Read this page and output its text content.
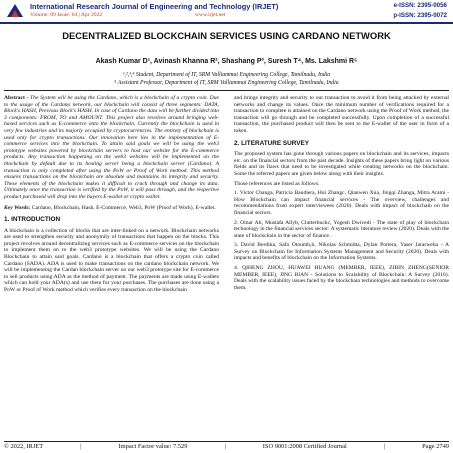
International Research Journal of Engineering and Technology (IRJET)
Volume: 09 Issue: 04 | Apr 2022	www.irjet.net
e-ISSN: 2395-0056
p-ISSN: 2395-0072
DECENTRALIZED BLOCKCHAIN SERVICES USING CARDANO NETWORK
Akash Kumar D¹, Avinash Khanna R², Shashang P³, Suresh T⁴, Ms. Lakshmi R⁵
¹,²,³,⁴ Student, Department of IT, SRM Valliammai Engineering College, Tamilnadu, India
⁵ Assistant Professor, Department of IT, SRM Valliammai Engineering College, Tamilnadu, India
Abstract - The System will be using the Cardano, which is a blockchain of a crypto coin. Due to the usage of the Cardano network, our blockchain will consist of three segments: DATA, Block's HASH, Previous Block's HASH. In case of Cardano the data will be further divided into 3 components: FROM, TO and AMOUNT. This project also revolves around bringing web-based services such as E-commerce onto the blockchain. Currently the blockchain is used in very few industries and its majorly occupied by cryptocurrencies. The entirety of blockchain is used only for crypto transactions. Our innovation here lies in the implementation of E-commerce services into the blockchain. To attain said goals we will be using the web3 prototype websites powered by blockchain servers to host our website for the E-commerce products. Any transaction happening on the web3 websites will be implemented on the blockchain by default due to its hosting server being a blockchain server (Cardano). A transaction is only completed after using the PoW or Proof of Work method. This method ensures transactions on the blockchain are absolute and maintains its integrity and security. These elements of the blockchain makes it difficult to crack through and change its data. Ultimately once the transaction is verified by the PoW, it will pass through, and the respective product purchased will drop into the buyers E-wallet or crypto wallet.
Key Words: Cardano, Blockchain, Hash, E-Commerce, Web3, PoW (Proof of Work), E-wallet.
1. INTRODUCTION
A blockchain is a collection of blocks that are inter-linked on a network. Blockchain networks are used to strengthen security and anonymity of transactions that happen on the blocks. This project revolves around decentralizing services such as E-commerce services on the blockchain to implement them on to the web3 prototype websites. We will be using the Cardano Blockchain to attain said goals. Cardano is a blockchain that offers a crypto coin called Cardano (SADA). ADA is used to make transactions on the cardano blockchain network. We will be implementing the Cardan blockchain server on our web3 prototype site for E-commerce to sell products using ADA as the method of payment. The payments are made using E-wallets which can hold your ADA(s) and use them for your purchases. The purchases are done using a PoW or Proof of Work method which verifies every transaction on the blockchain
and brings integrity and security to our transaction to avoid it from being attacked by external networks and change its values. Once the minimum number of verifications required for a transaction to complete is attained on the Cardano network using the Proof of Work method, the transaction will go through and be completed successfully. Upon completion of a successful transaction, the purchased product will then be sent to the E-wallet of the user in form of a token.
2. LITERATURE SURVEY
The proposed system has gone through various papers on blockchain and its services, impacts etc. on the financial sectors from the past decade. Insights of these papers bring light on various fields and its flaws that need to be investigated while creating networks on the blockchain. Some the referred papers are given below along with their insights.
Those references are listed as follows.
1. Victor Changa, Patricia Baudiera, Hui Zhangc, Qianwen Xua, Jingqi Zhanga, Mitra Arami - How Blockchain can impact financial services - The overview, challenges and recommendations from expert interviewees (2020). Deals with impact of blockchain on the financial sectors.
2. Omar Ali, Mustafa Allyb, Clutterbuckc, Yogesh Dwivedi - The state of play of blockchain technology in the financial services sector: A systematic literature review (2020). Deals with the state of blockchain in the sector of finance.
3. David Berdika, Safa Otoumb,b, Nikolas Schmidta, Dylan Portera, Yaser Jararweha - A Survey on Blockchain for Information Systems Management and Security (2020). Deals with impacts and benefits of blockchain on the Information Systems.
4. QIHENG ZHOU, HUAWEI HUANG (MEMBER, IEEE), ZIBIN ZHENG(SENIOR MEMBER, IEEE), JING BIAN - Solutions to Scalability of Blockchain: A Survey (2016). Deals with the scalability issues faced by the blockchain technologies and methods to overcome them.
© 2022, IRJET	|	Impact Factor value: 7.529	|	ISO 9001:2008 Certified Journal	|	Page 2749
